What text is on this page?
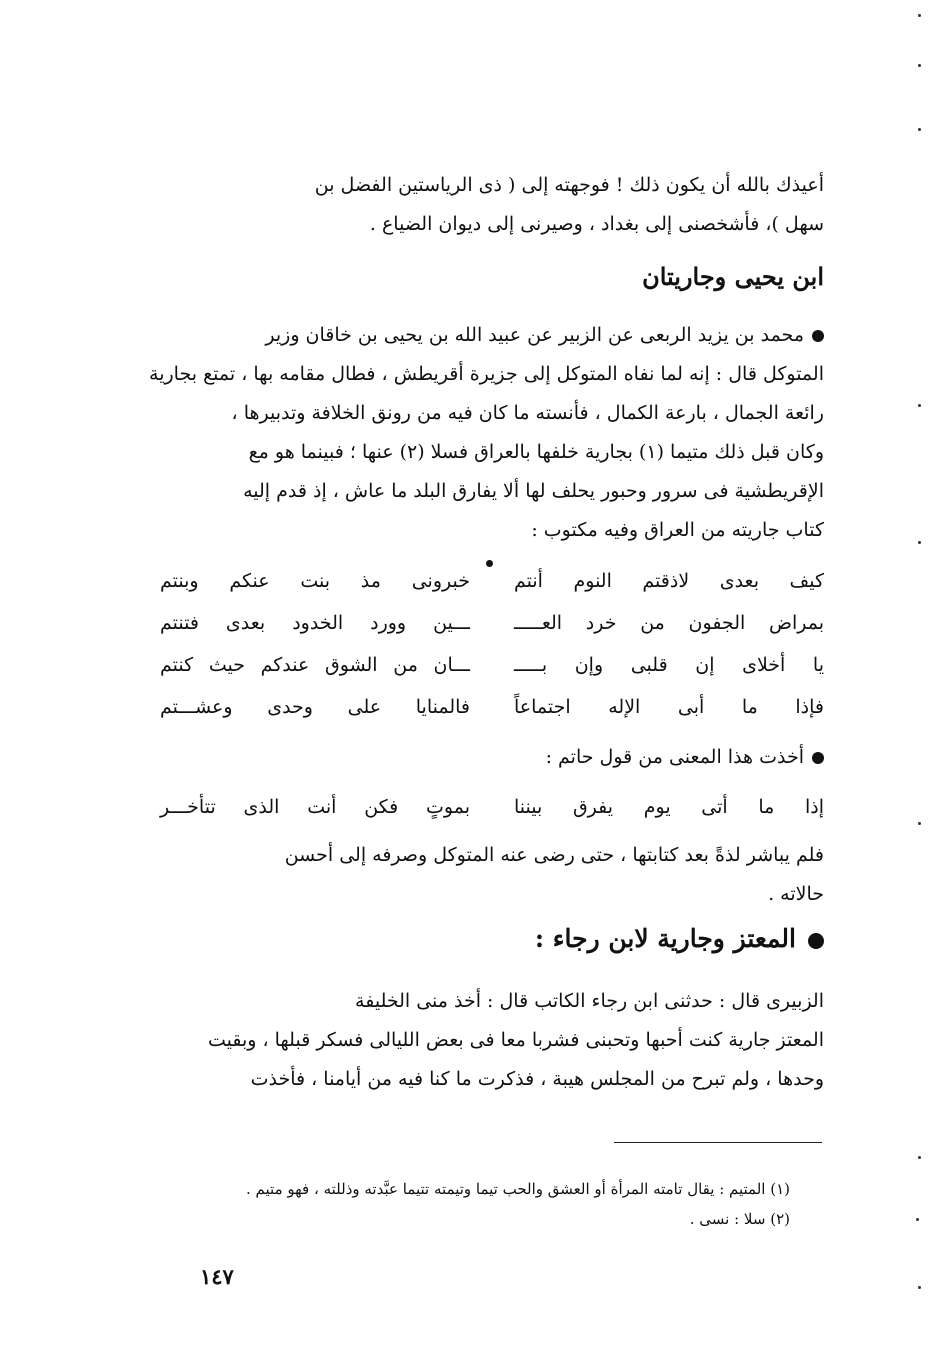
أعيذك بالله أن يكون ذلك ! فوجهته إلى ( ذى الرياستين الفضل بن
سهل )، فأشخصنى إلى بغداد ، وصيرنى إلى ديوان الضياع .
ابن يحيى وجاريتان
محمد بن يزيد الربعى عن الزبير عن عبيد الله بن يحيى بن خاقان وزير
المتوكل قال : إنه لما نفاه المتوكل إلى جزيرة أقريطش ، فطال مقامه بها ، تمتع بجارية
رائعة الجمال ، بارعة الكمال ، فأنسته ما كان فيه من رونق الخلافة وتدبيرها ،
وكان قبل ذلك متيما (١) بجارية خلفها بالعراق فسلا (٢) عنها ؛ فبينما هو مع
الإقريطشية فى سرور وحبور يحلف لها ألا يفارق البلد ما عاش ، إذ قدم إليه
كتاب جاريته من العراق وفيه مكتوب :
كيف بعدى لاذقتم النوم أنتم
خبرونى مذ بنت عنكم وبنتم
بمراض الجفون من خرد العـــــ
ـــين وورد الخدود بعدى فتنتم
يا أخلاى إن قلبى وإن بـــــ
ـــان من الشوق عندكم حيث كنتم
فإذا ما أبى الإله اجتماعاً
فالمنايا على وحدى وعشـــتم
أخذت هذا المعنى من قول حاتم :
إذا ما أتى يوم يفرق بيننا
بموتٍ فكن أنت الذى تتأخـــر
فلم يباشر لذةً بعد كتابتها ، حتى رضى عنه المتوكل وصرفه إلى أحسن
حالاته .
المعتز وجارية لابن رجاء :
الزبيرى قال : حدثنى ابن رجاء الكاتب قال : أخذ منى الخليفة
المعتز جارية كنت أحبها وتحبنى فشربا معا فى بعض الليالى فسكر قبلها ، وبقيت
وحدها ، ولم تبرح من المجلس هيبة ، فذكرت ما كنا فيه من أيامنا ، فأخذت
(١) المتيم : يقال تامته المرأة أو العشق والحب تيما وتيمته تتيما عبَّدته وذللته ، فهو متيم .
(٢) سلا : نسى .
١٤٧
